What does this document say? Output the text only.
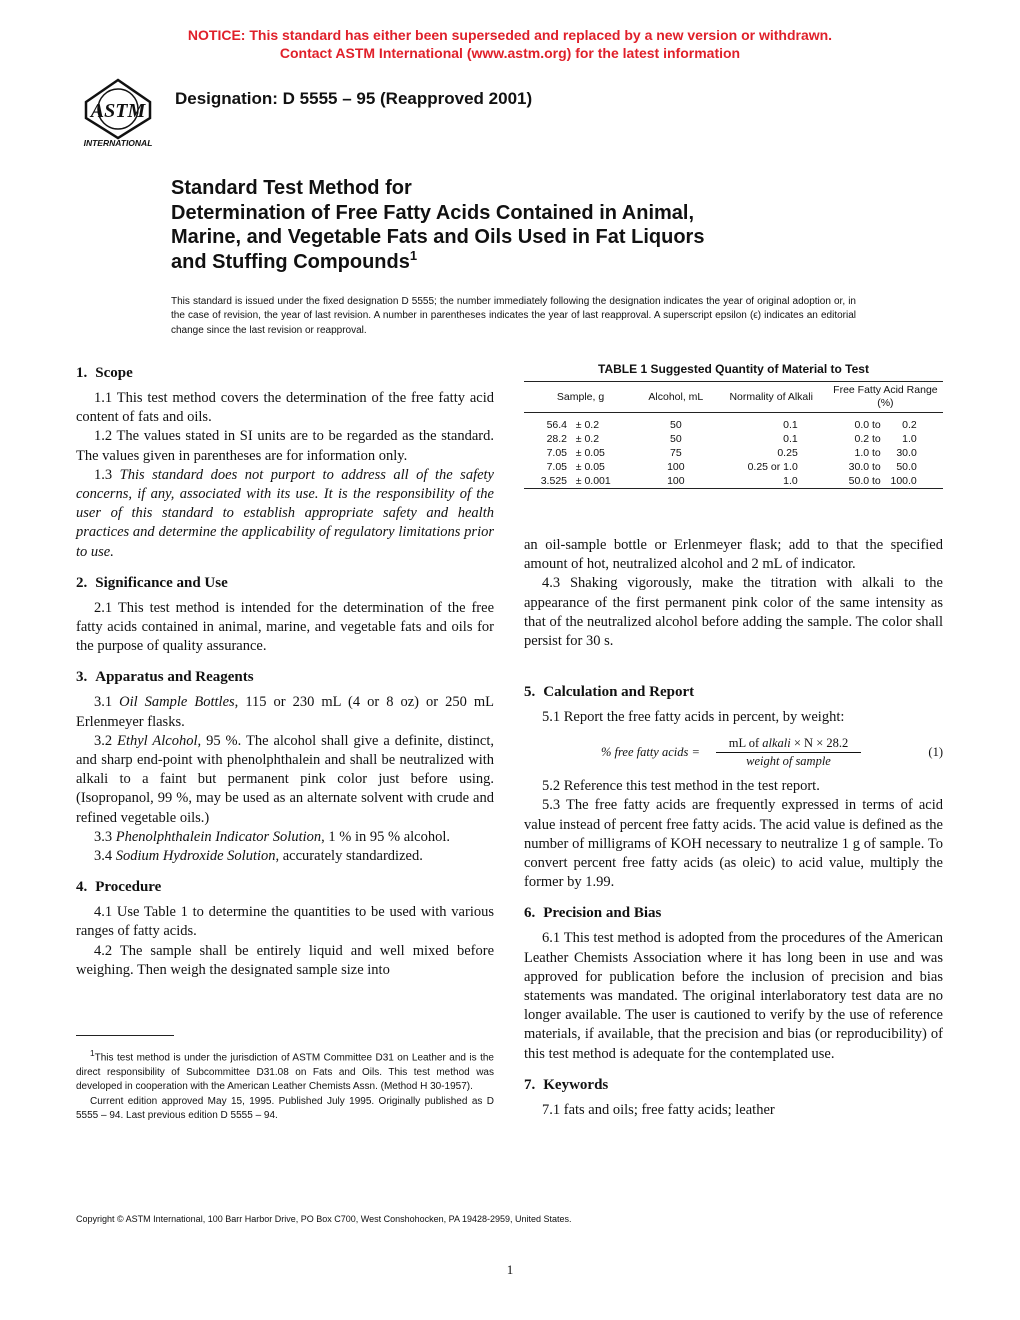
NOTICE: This standard has either been superseded and replaced by a new version or withdrawn.
Contact ASTM International (www.astm.org) for the latest information
ASTM
INTERNATIONAL
Designation: D 5555 – 95 (Reapproved 2001)
Standard Test Method for
Determination of Free Fatty Acids Contained in Animal,
Marine, and Vegetable Fats and Oils Used in Fat Liquors
and Stuffing Compounds$^1$
This standard is issued under the fixed designation D 5555; the number immediately following the designation indicates the year of original adoption or, in the case of revision, the year of last revision. A number in parentheses indicates the year of last reapproval. A superscript epsilon (ϵ) indicates an editorial change since the last revision or reapproval.
1. Scope

1.1 This test method covers the determination of the free fatty acid content of fats and oils.

1.2 The values stated in SI units are to be regarded as the standard. The values given in parentheses are for information only.

1.3 This standard does not purport to address all of the safety concerns, if any, associated with its use. It is the responsibility of the user of this standard to establish appropriate safety and health practices and determine the applicability of regulatory limitations prior to use.

2. Significance and Use

2.1 This test method is intended for the determination of the free fatty acids contained in animal, marine, and vegetable fats and oils for the purpose of quality assurance.

3. Apparatus and Reagents

3.1 Oil Sample Bottles, 115 or 230 mL (4 or 8 oz) or 250 mL Erlenmeyer flasks.

3.2 Ethyl Alcohol, 95 %. The alcohol shall give a definite, distinct, and sharp end-point with phenolphthalein and shall be neutralized with alkali to a faint but permanent pink color just before using. (Isopropanol, 99 %, may be used as an alternate solvent with crude and refined vegetable oils.)

3.3 Phenolphthalein Indicator Solution, 1 % in 95 % alcohol.

3.4 Sodium Hydroxide Solution, accurately standardized.

4. Procedure

4.1 Use Table 1 to determine the quantities to be used with various ranges of fatty acids.

4.2 The sample shall be entirely liquid and well mixed before weighing. Then weigh the designated sample size into

TABLE 1 Suggested Quantity of Material to Test
Sample, g	Alcohol, mL	Normality of Alkali	Free Fatty Acid Range (%)
56.4 ± 0.2	50	0.1	0.0 to 0.2
28.2 ± 0.2	50	0.1	0.2 to 1.0
7.05 ± 0.05	75	0.25	1.0 to 30.0
7.05 ± 0.05	100	0.25 or 1.0	30.0 to 50.0
3.525 ± 0.001	100	1.0	50.0 to 100.0

an oil-sample bottle or Erlenmeyer flask; add to that the specified amount of hot, neutralized alcohol and 2 mL of indicator.

4.3 Shaking vigorously, make the titration with alkali to the appearance of the first permanent pink color of the same intensity as that of the neutralized alcohol before adding the sample. The color shall persist for 30 s.

5. Calculation and Report

5.1 Report the free fatty acids in percent, by weight:

5.2 Reference this test method in the test report.

5.3 The free fatty acids are frequently expressed in terms of acid value instead of percent free fatty acids. The acid value is defined as the number of milligrams of KOH necessary to neutralize 1 g of sample. To convert percent free fatty acids (as oleic) to acid value, multiply the former by 1.99.

6. Precision and Bias

6.1 This test method is adopted from the procedures of the American Leather Chemists Association where it has long been in use and was approved for publication before the inclusion of precision and bias statements was mandated. The original interlaboratory test data are no longer available. The user is cautioned to verify by the use of reference materials, if available, that the precision and bias (or reproducibility) of this test method is adequate for the contemplated use.

7. Keywords

7.1 fats and oils; free fatty acids; leather

% free fatty acids =
mL of alkali × N × 28.2
weight of sample
(1)

$^1$This test method is under the jurisdiction of ASTM Committee D31 on Leather and is the direct responsibility of Subcommittee D31.08 on Fats and Oils. This test method was developed in cooperation with the American Leather Chemists Assn. (Method H 30-1957).

Current edition approved May 15, 1995. Published July 1995. Originally published as D 5555 – 94. Last previous edition D 5555 – 94.

Copyright © ASTM International, 100 Barr Harbor Drive, PO Box C700, West Conshohocken, PA 19428-2959, United States.
1
